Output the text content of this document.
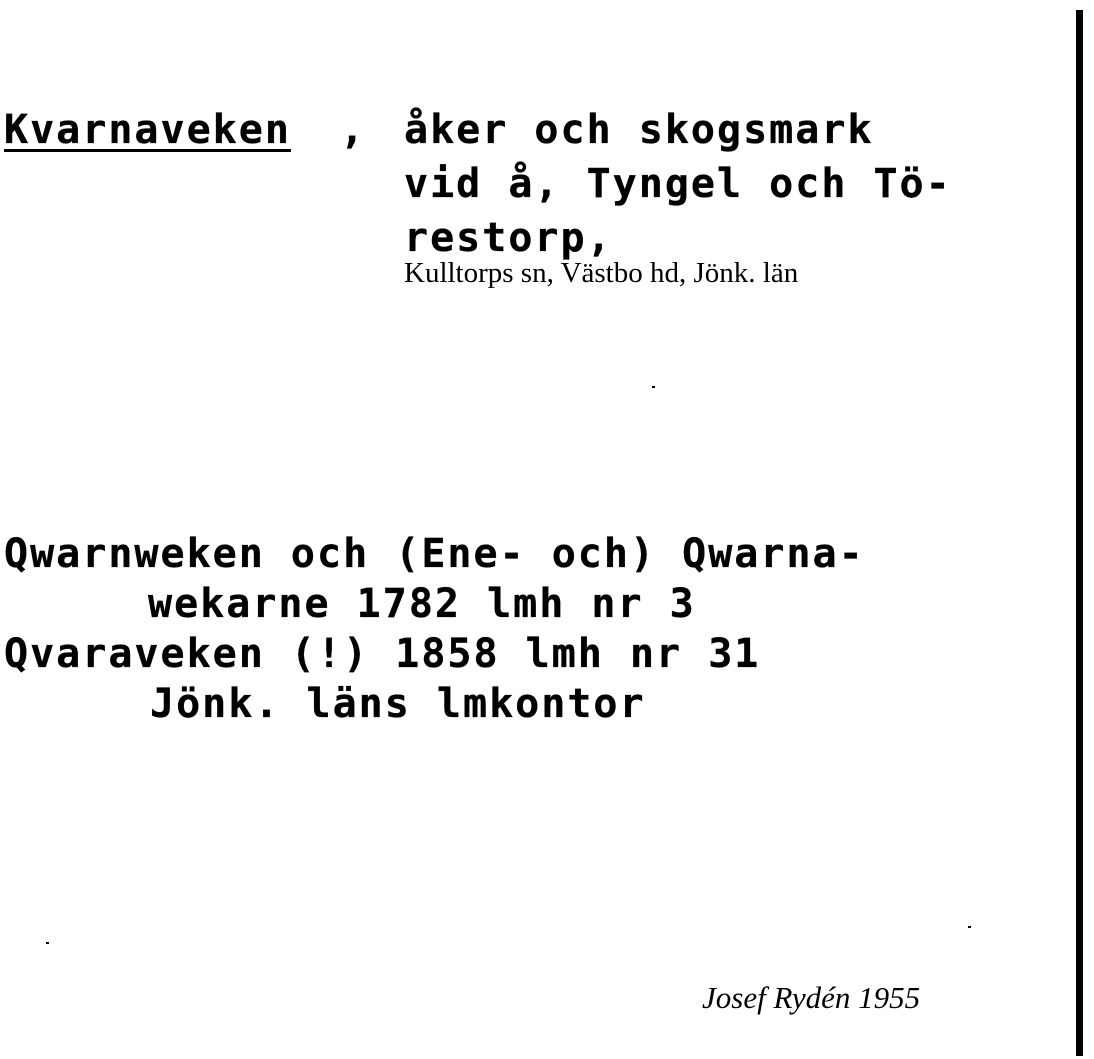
Kvarnaveken , åker och skogsmark
vid å, Tyngel och Tö-
restorp,
Kulltorps sn, Västbo hd, Jönk. län
Qwarnweken och (Ene- och) Qwarna-
wekarne 1782 lmh nr 3
Qvaraveken (!) 1858 lmh nr 31
Jönk. läns lmkontor
Josef Rydén 1955
